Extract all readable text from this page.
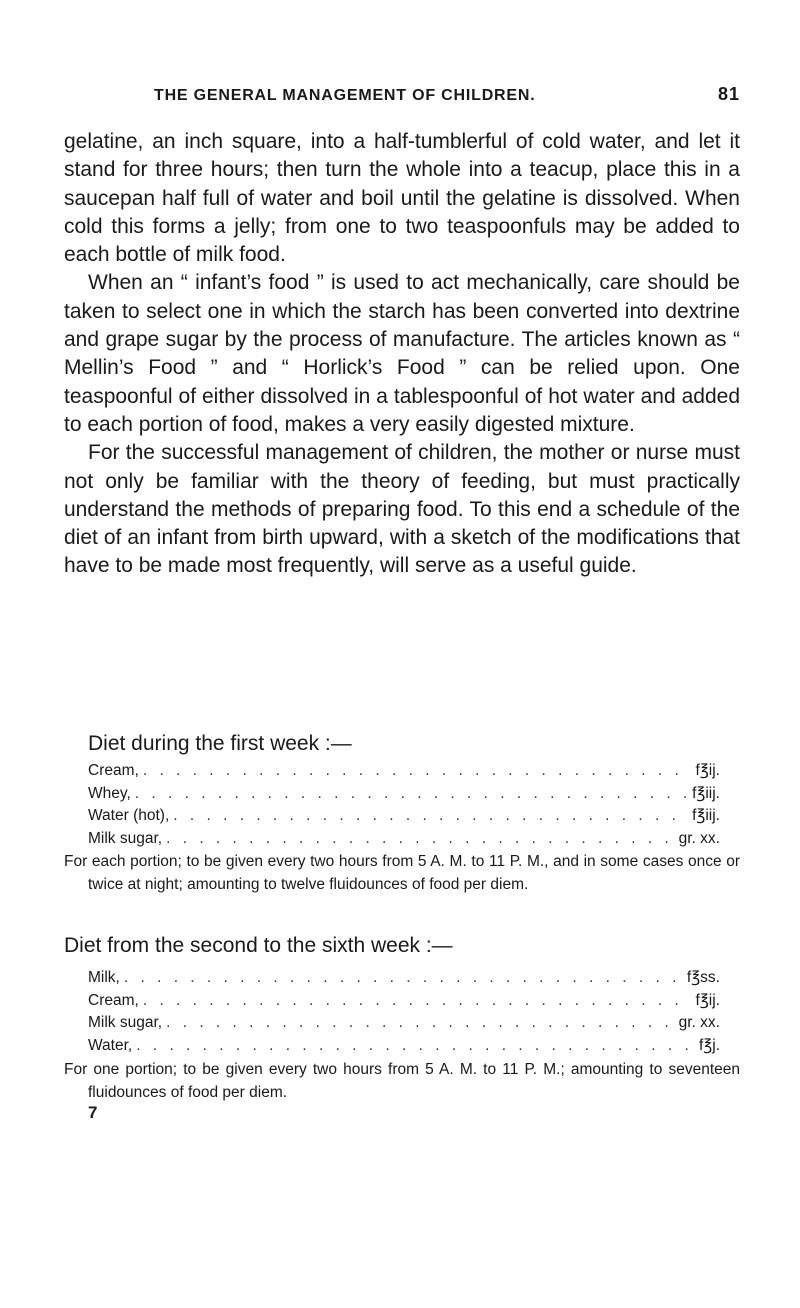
THE GENERAL MANAGEMENT OF CHILDREN.	81

gelatine, an inch square, into a half-tumblerful of cold water, and let it stand for three hours; then turn the whole into a teacup, place this in a saucepan half full of water and boil until the gelatine is dissolved. When cold this forms a jelly; from one to two teaspoonfuls may be added to each bottle of milk food.

When an “ infant’s food ” is used to act mechanically, care should be taken to select one in which the starch has been converted into dextrine and grape sugar by the process of manufacture. The articles known as “ Mellin’s Food ” and “ Horlick’s Food ” can be relied upon. One teaspoonful of either dissolved in a tablespoonful of hot water and added to each portion of food, makes a very easily digested mixture.

For the successful management of children, the mother or nurse must not only be familiar with the theory of feeding, but must practically understand the methods of preparing food. To this end a schedule of the diet of an infant from birth upward, with a sketch of the modifications that have to be made most frequently, will serve as a useful guide.

Diet during the first week :—
Cream, . . .	f℥ij.
Whey, . . .	f℥iij.
Water (hot), . . .	f℥iij.
Milk sugar, . . .	gr. xx.
For each portion; to be given every two hours from 5 A. M. to 11 P. M., and in some cases once or twice at night; amounting to twelve fluidounces of food per diem.
Diet from the second to the sixth week :—
Milk, . . .	f℥ss.
Cream, . . .	f℥ij.
Milk sugar, . . .	gr. xx.
Water, . . .	f℥j.
For one portion; to be given every two hours from 5 A. M. to 11 P. M.; amounting to seventeen fluidounces of food per diem.
7
